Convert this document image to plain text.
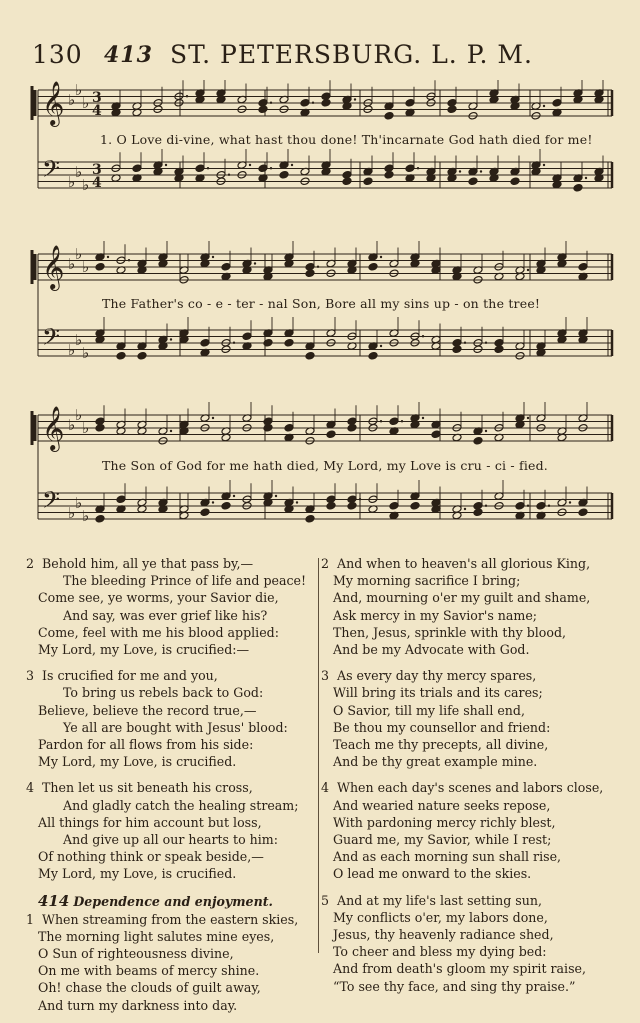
130 413 ST. PETERSBURG. L. P. M.
𝄞 ♭
♭
♭ 3
4
𝄢 ♭
♭
♭
3
4
1. O Love di-vine, what hast thou done! Th'incarnate God hath died for me!
𝄞 ♭
♭
♭
𝄢 ♭
♭
♭
The Father's co - e - ter - nal Son, Bore all my sins up - on the tree!
𝄞 ♭
♭
♭
𝄢 ♭
♭
♭
The Son of God for me hath died, My Lord, my Love is cru - ci - fied.
2 Behold him, all ye that pass by,—
The bleeding Prince of life and peace!
Come see, ye worms, your Savior die,
And say, was ever grief like his?
Come, feel with me his blood applied:
My Lord, my Love, is crucified:—
3 Is crucified for me and you,
To bring us rebels back to God:
Believe, believe the record true,—
Ye all are bought with Jesus' blood:
Pardon for all flows from his side:
My Lord, my Love, is crucified.
4 Then let us sit beneath his cross,
And gladly catch the healing stream;
All things for him account but loss,
And give up all our hearts to him:
Of nothing think or speak beside,—
My Lord, my Love, is crucified.
414 Dependence and enjoyment.
1 When streaming from the eastern skies,
The morning light salutes mine eyes,
O Sun of righteousness divine,
On me with beams of mercy shine.
Oh! chase the clouds of guilt away,
And turn my darkness into day.
2 And when to heaven's all glorious King,
My morning sacrifice I bring;
And, mourning o'er my guilt and shame,
Ask mercy in my Savior's name;
Then, Jesus, sprinkle with thy blood,
And be my Advocate with God.
3 As every day thy mercy spares,
Will bring its trials and its cares;
O Savior, till my life shall end,
Be thou my counsellor and friend:
Teach me thy precepts, all divine,
And be thy great example mine.
4 When each day's scenes and labors close,
And wearied nature seeks repose,
With pardoning mercy richly blest,
Guard me, my Savior, while I rest;
And as each morning sun shall rise,
O lead me onward to the skies.
5 And at my life's last setting sun,
My conflicts o'er, my labors done,
Jesus, thy heavenly radiance shed,
To cheer and bless my dying bed:
And from death's gloom my spirit raise,
“To see thy face, and sing thy praise.”
